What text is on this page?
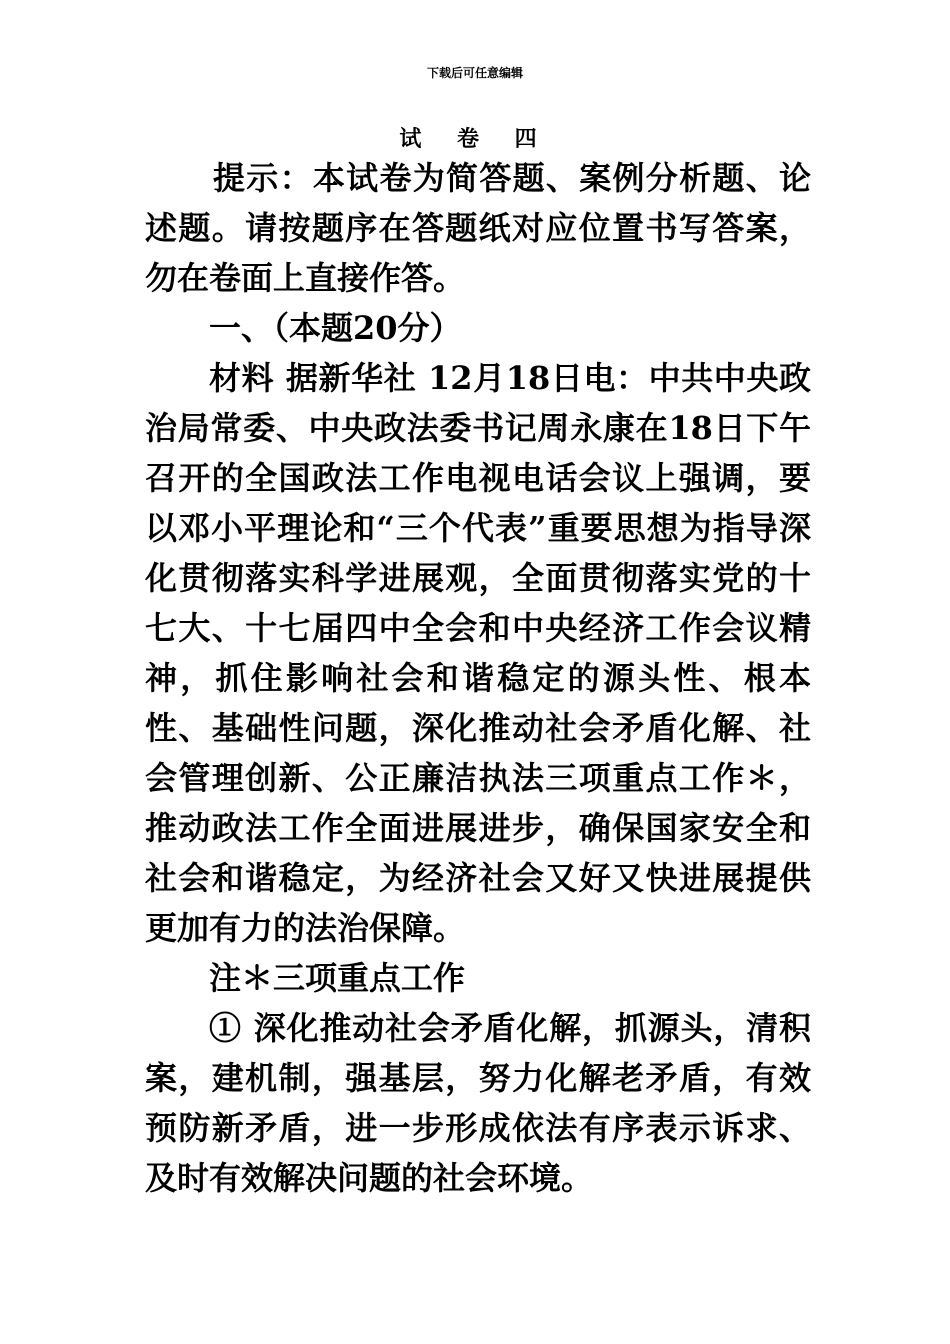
下载后可任意编辑
试 卷 四

提示：本试卷为简答题、案例分析题、论述题。请按题序在答题纸对应位置书写答案，勿在卷面上直接作答。

一、（本题20分）

材料 据新华社 12月18日电：中共中央政治局常委、中央政法委书记周永康在18日下午召开的全国政法工作电视电话会议上强调，要以邓小平理论和“三个代表”重要思想为指导深化贯彻落实科学进展观，全面贯彻落实党的十七大、十七届四中全会和中央经济工作会议精神，抓住影响社会和谐稳定的源头性、根本性、基础性问题，深化推动社会矛盾化解、社会管理创新、公正廉洁执法三项重点工作＊，推动政法工作全面进展进步，确保国家安全和社会和谐稳定，为经济社会又好又快进展提供更加有力的法治保障。

注＊三项重点工作

① 深化推动社会矛盾化解，抓源头，清积案，建机制，强基层，努力化解老矛盾，有效预防新矛盾，进一步形成依法有序表示诉求、及时有效解决问题的社会环境。
